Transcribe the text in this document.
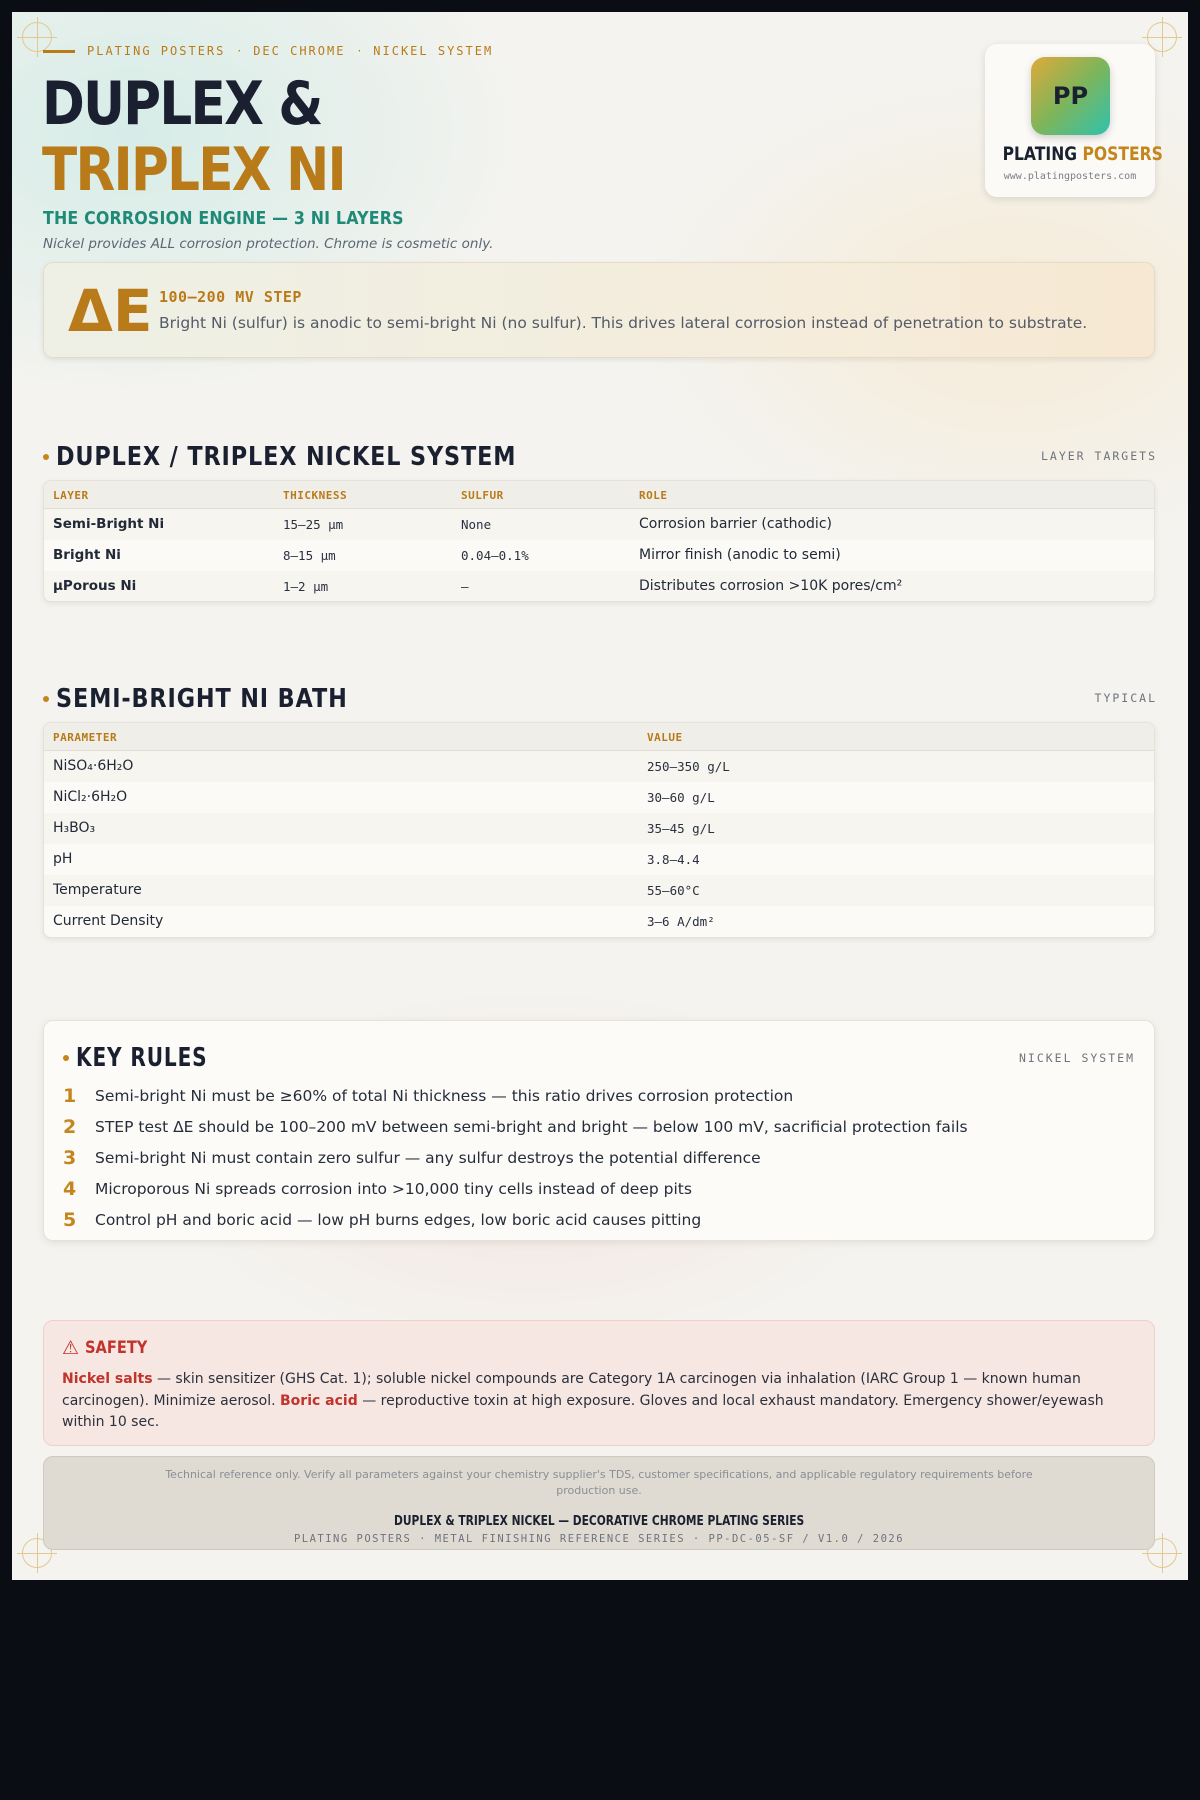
PLATING POSTERS · DEC CHROME · NICKEL SYSTEM
DUPLEX &
TRIPLEX NI
THE CORROSION ENGINE — 3 NI LAYERS
Nickel provides ALL corrosion protection. Chrome is cosmetic only.
PP
PLATING POSTERS
www.platingposters.com
ΔE 100–200 MV STEP
Bright Ni (sulfur) is anodic to semi-bright Ni (no sulfur). This drives lateral corrosion instead of penetration to substrate.
DUPLEX / TRIPLEX NICKEL SYSTEM	LAYER TARGETS
LAYER	THICKNESS	SULFUR	ROLE
Semi-Bright Ni	15–25 μm	None	Corrosion barrier (cathodic)
Bright Ni	8–15 μm	0.04–0.1%	Mirror finish (anodic to semi)
μPorous Ni	1–2 μm	—	Distributes corrosion >10K pores/cm²
SEMI-BRIGHT NI BATH	TYPICAL
PARAMETER	VALUE
NiSO₄·6H₂O	250–350 g/L
NiCl₂·6H₂O	30–60 g/L
H₃BO₃	35–45 g/L
pH	3.8–4.4
Temperature	55–60°C
Current Density	3–6 A/dm²
KEY RULES	NICKEL SYSTEM
1	Semi-bright Ni must be ≥60% of total Ni thickness — this ratio drives corrosion protection
2	STEP test ΔE should be 100–200 mV between semi-bright and bright — below 100 mV, sacrificial protection fails
3	Semi-bright Ni must contain zero sulfur — any sulfur destroys the potential difference
4	Microporous Ni spreads corrosion into >10,000 tiny cells instead of deep pits
5	Control pH and boric acid — low pH burns edges, low boric acid causes pitting
⚠ SAFETY
Nickel salts — skin sensitizer (GHS Cat. 1); soluble nickel compounds are Category 1A carcinogen via inhalation (IARC Group 1 — known human carcinogen). Minimize aerosol. Boric acid — reproductive toxin at high exposure. Gloves and local exhaust mandatory. Emergency shower/eyewash within 10 sec.
Technical reference only. Verify all parameters against your chemistry supplier's TDS, customer specifications, and applicable regulatory requirements before production use.
DUPLEX & TRIPLEX NICKEL — DECORATIVE CHROME PLATING SERIES
PLATING POSTERS · METAL FINISHING REFERENCE SERIES · PP-DC-05-SF / V1.0 / 2026
